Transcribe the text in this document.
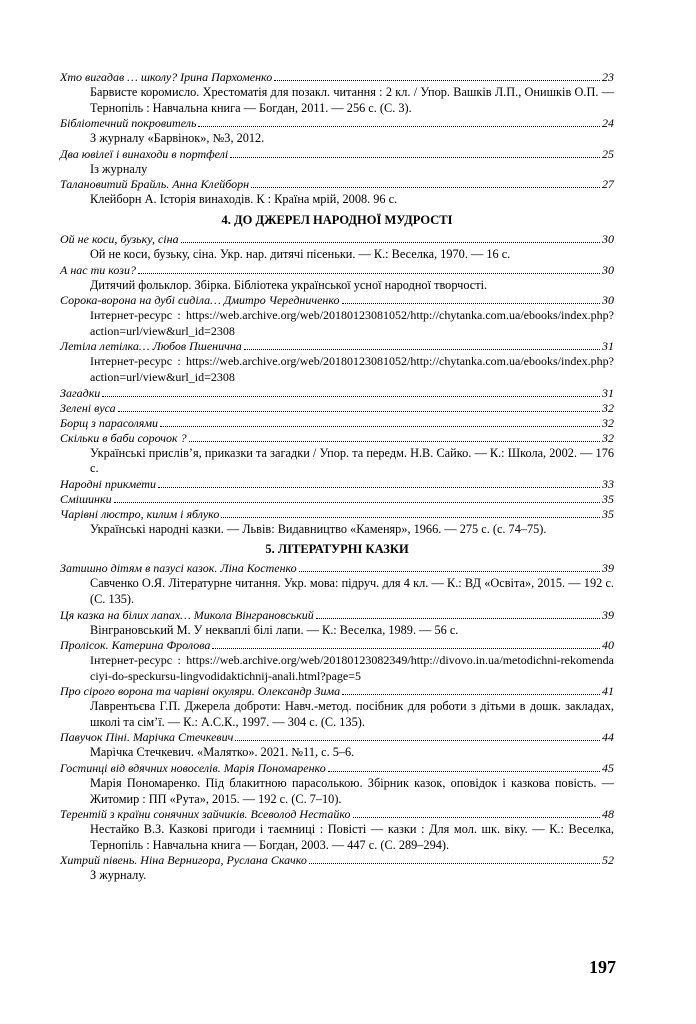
Хто вигадав … школу? Ірина Пархоменко	23
Барвисте коромисло. Хрестоматія для позакл. читання : 2 кл. / Упор. Вашків Л.П., Онишків О.П. — Тернопіль : Навчальна книга — Богдан, 2011. — 256 с. (С. 3).
Бібліотечний покровитель	24
З журналу «Барвінок», №3, 2012.
Два ювілеї і винаходи в портфелі	25
Із журналу
Талановитий Брайль. Анна Клейборн	27
Клейборн А. Історія винаходів. К : Країна мрій, 2008. 96 с.
4. ДО ДЖЕРЕЛ НАРОДНОЇ МУДРОСТІ
Ой не коси, бузьку, сіна	30
Ой не коси, бузьку, сіна. Укр. нар. дитячі пісеньки. — К.: Веселка, 1970. — 16 с.
А нас ти кози?	30
Дитячий фольклор. Збірка. Бібліотека української усної народної творчості.
Сорока-ворона на дубі сиділа… Дмитро Чередниченко	30
Інтернет-ресурс : https://web.archive.org/web/20180123081052/http://chytanka.com.ua/ebooks/index.php?action=url/view&url_id=2308
Летіла летілка… Любов Пшенична	31
Інтернет-ресурс : https://web.archive.org/web/20180123081052/http://chytanka.com.ua/ebooks/index.php?action=url/view&url_id=2308
Загадки	31
Зелені вуса	32
Борщ з парасолями	32
Скільки в баби сорочок ?	32
Українські прислів’я, приказки та загадки / Упор. та передм. Н.В. Сайко. — К.: Школа, 2002. — 176 с.
Народні прикмети	33
Смішинки	35
Чарівні люстро, килим і яблуко	35
Українські народні казки. — Львів: Видавництво «Каменяр», 1966. — 275 с. (с. 74–75).
5. ЛІТЕРАТУРНІ КАЗКИ
Затишно дітям в пазусі казок. Ліна Костенко	39
Савченко О.Я. Літературне читання. Укр. мова: підруч. для 4 кл. — К.: ВД «Освіта», 2015. — 192 с. (С. 135).
Ця казка на білих лапах… Микола Вінграновський	39
Вінграновський М. У некваплі білі лапи. — К.: Веселка, 1989. — 56 с.
Пролісок. Катерина Фролова	40
Інтернет-ресурс : https://web.archive.org/web/20180123082349/http://divovo.in.ua/metodichni-rekomendaciyi-do-speckursu-lingvodidaktichnij-anali.html?page=5
Про сірого ворона та чарівні окуляри. Олександр Зима	41
Лаврентьєва Г.П. Джерела доброти: Навч.-метод. посібник для роботи з дітьми в дошк. закладах, школі та сім’ї. — К.: А.С.К., 1997. — 304 с. (С. 135).
Павучок Піні. Марічка Стечкевич	44
Марічка Стечкевич. «Малятко». 2021. №11, с. 5–6.
Гостинці від вдячних новоселів. Марія Пономаренко	45
Марія Пономаренко. Під блакитною парасолькою. Збірник казок, оповідок і казкова повість. — Житомир : ПП «Рута», 2015. — 192 с. (С. 7–10).
Терентій з країни сонячних зайчиків. Всеволод Нестайко	48
Нестайко В.З. Казкові пригоди і таємниці : Повісті — казки : Для мол. шк. віку. — К.: Веселка, Тернопіль : Навчальна книга — Богдан, 2003. — 447 с. (С. 289–294).
Хитрий півень. Ніна Вернигора, Руслана Скачко	52
З журналу.
197
